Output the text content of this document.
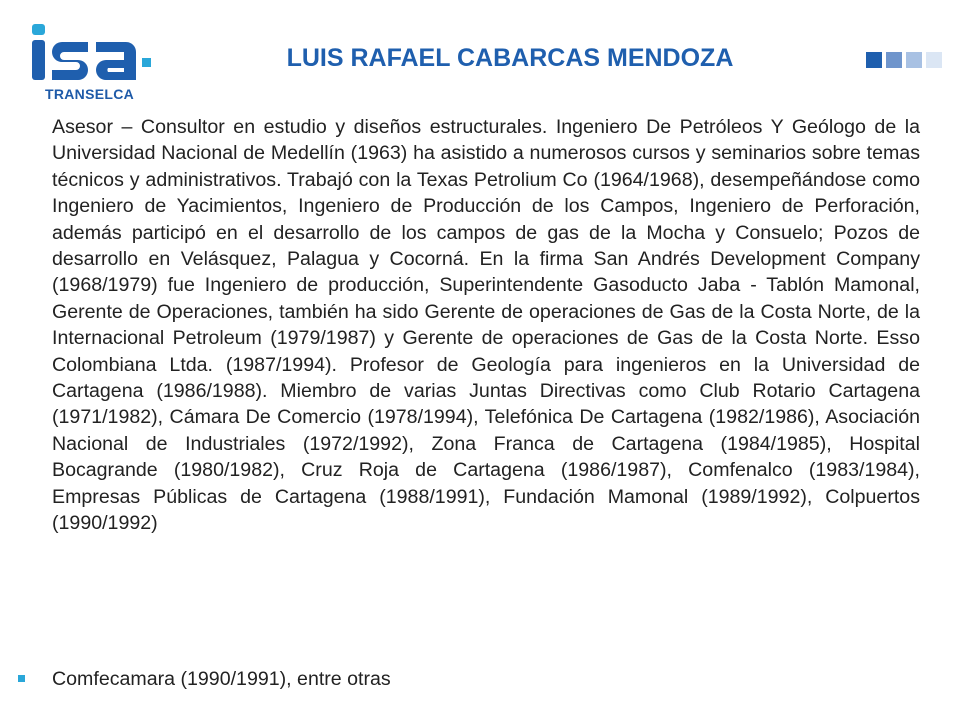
TRANSELCA
LUIS RAFAEL CABARCAS MENDOZA

Asesor – Consultor en estudio y diseños estructurales. Ingeniero De Petróleos Y Geólogo de la Universidad Nacional de Medellín (1963) ha asistido a numerosos cursos y seminarios sobre temas técnicos y administrativos. Trabajó con la Texas Petrolium Co (1964/1968), desempeñándose como Ingeniero de Yacimientos, Ingeniero de Producción de los Campos, Ingeniero de Perforación, además participó en el desarrollo de los campos de gas de la Mocha y Consuelo; Pozos de desarrollo en Velásquez, Palagua y Cocorná. En la firma San Andrés Development Company (1968/1979) fue Ingeniero de producción, Superintendente Gasoducto Jaba - Tablón Mamonal, Gerente de Operaciones, también ha sido Gerente de operaciones de Gas de la Costa Norte, de la Internacional Petroleum (1979/1987) y Gerente de operaciones de Gas de la Costa Norte. Esso Colombiana Ltda. (1987/1994). Profesor de Geología para ingenieros en la Universidad de Cartagena (1986/1988). Miembro de varias Juntas Directivas como Club Rotario Cartagena (1971/1982), Cámara De Comercio (1978/1994), Telefónica De Cartagena (1982/1986), Asociación Nacional de Industriales (1972/1992), Zona Franca de Cartagena (1984/1985), Hospital Bocagrande (1980/1982), Cruz Roja de Cartagena (1986/1987), Comfenalco (1983/1984), Empresas Públicas de Cartagena (1988/1991), Fundación Mamonal (1989/1992), Colpuertos (1990/1992)

Comfecamara (1990/1991), entre otras
